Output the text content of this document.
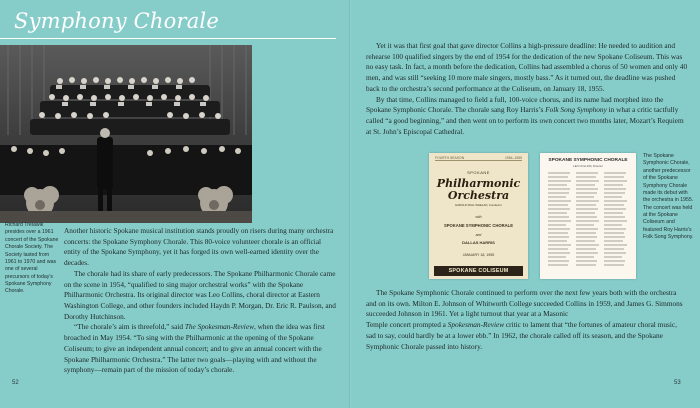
Symphony Chorale
Richard Trelawik presides over a 1961 concert of the Spokane Chorale Society. The Society lasted from 1961 to 1970 and was one of several precursors of today's Spokane Symphony Chorale.

Another historic Spokane musical institution stands proudly on risers during many orchestra concerts: the Spokane Symphony Chorale. This 80-voice volunteer chorale is an official entity of the Spokane Symphony, yet it has forged its own well-earned identity over the decades.

The chorale had its share of early predecessors. The Spokane Philharmonic Chorale came on the scene in 1954, “qualified to sing major orchestral works” with the Spokane Philharmonic Orchestra. Its original director was Leo Collins, choral director at Eastern Washington College, and other founders included Haydn P. Morgan, Dr. Eric R. Paulson, and Dorothy Hutchinson.

“The chorale’s aim is threefold,” said The Spokesman-Review, when the idea was first broached in May 1954. “To sing with the Philharmonic at the opening of the Spokane Coliseum; to give an independent annual concert; and to give an annual concert with the Spokane Philharmonic Orchestra.” The latter two goals—playing with and without the symphony—remain part of the mission of today’s chorale.

52

Yet it was that first goal that gave director Collins a high-pressure deadline: He needed to audition and rehearse 100 qualified singers by the end of 1954 for the dedication of the new Spokane Coliseum. This was no easy task. In fact, a month before the dedication, Collins had assembled a chorus of 50 women and only 40 men, and was still “seeking 10 more male singers, mostly bass.” As it turned out, the deadline was pushed back to the orchestra’s second performance at the Coliseum, on January 18, 1955.

By that time, Collins managed to field a full, 100-voice chorus, and its name had morphed into the Spokane Symphonic Chorale. The chorale sang Roy Harris’s Folk Song Symphony in what a critic tactfully called “a good beginning,” and then went on to perform its own concert two months later, Mozart’s Requiem at St. John’s Episcopal Cathedral.

FOURTH SEASON	1954–1955
SPOKANE
Philharmonic
Orchestra
HAROLD PAUL WHELAN, Conductor
with
SPOKANE SYMPHONIC CHORALE
and
DALLAS HARRIS
JANUARY 18, 1955
SPOKANE COLISEUM
SPOKANE SYMPHONIC CHORALE
LEO COLLINS, Director
The Spokane Symphonic Chorale, another predecessor of the Spokane Symphony Chorale made its debut with the orchestra in 1955. The concert was held at the Spokane Coliseum and featured Roy Harris's Folk Song Symphony.

The Spokane Symphonic Chorale continued to perform over the next few years both with the orchestra and on its own. Milton E. Johnson of Whitworth College succeeded Collins in 1959, and James G. Simmons succeeded Johnson in 1961. Yet a light turnout that year at a Masonic

Temple concert prompted a Spokesman-Review critic to lament that “the fortunes of amateur choral music, sad to say, could hardly be at a lower ebb.” In 1962, the chorale called off its season, and the Spokane Symphonic Chorale passed into history.

53
